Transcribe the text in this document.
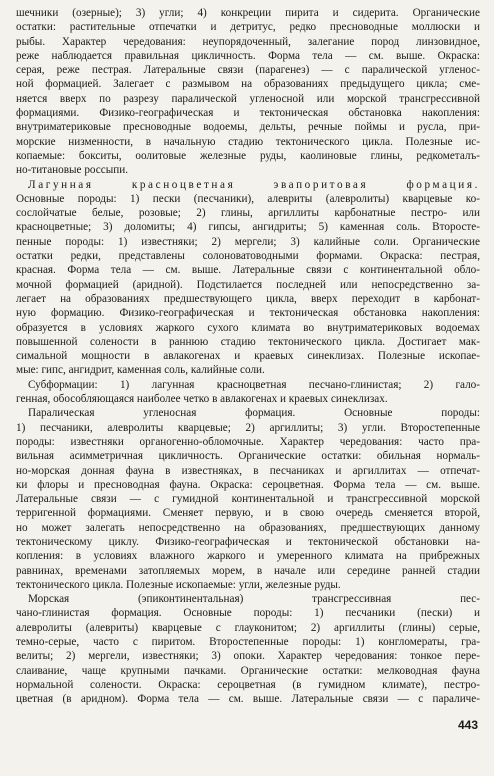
шечники (озерные); 3) угли; 4) конкреции пирита и сидерита. Органические
остатки: растительные отпечатки и детритус, редко пресноводные моллюски и
рыбы. Характер чередования: неупорядоченный, залегание пород линзовидное,
реже наблюдается правильная цикличность. Форма тела — см. выше. Окраска:
серая, реже пестрая. Латеральные связи (парагенез) — с паралической угленос-
ной формацией. Залегает с размывом на образованиях предыдущего цикла; сме-
няется вверх по разрезу паралической угленосной или морской трансгрессивной
формациями. Физико-географическая и тектоническая обстановка накопления:
внутриматериковые пресноводные водоемы, дельты, речные поймы и русла, при-
морские низменности, в начальную стадию тектонического цикла. Полезные ис-
копаемые: бокситы, оолитовые железные руды, каолиновые глины, редкометалъ-
но-титановые россыпи.
Лагунная красноцветная эвапоритовая формация.
Основные породы: 1) пески (песчаники), алевриты (алевролиты) кварцевые ко-
сослойчатые белые, розовые; 2) глины, аргиллиты карбонатные пестро- или
красноцветные; 3) доломиты; 4) гипсы, ангидриты; 5) каменная соль. Второсте-
пенные породы: 1) известняки; 2) мергели; 3) калийные соли. Органические
остатки редки, представлены солоноватоводными формами. Окраска: пестрая,
красная. Форма тела — см. выше. Латеральные связи с континентальной обло-
мочной формацией (аридной). Подстилается последней или непосредственно за-
легает на образованиях предшествующего цикла, вверх переходит в карбонат-
ную формацию. Физико-географическая и тектоническая обстановка накопления:
образуется в условиях жаркого сухого климата во внутриматериковых водоемах
повышенной солености в раннюю стадию тектонического цикла. Достигает мак-
симальной мощности в авлакогенах и краевых синеклизах. Полезные ископае-
мые: гипс, ангидрит, каменная соль, калийные соли.
Субформации: 1) лагунная красноцветная песчано-глинистая; 2) гало-
генная, обособляющаяся наиболее четко в авлакогенах и краевых синеклизах.
Паралическая угленосная формация. Основные породы:
1) песчаники, алевролиты кварцевые; 2) аргиллиты; 3) угли. Второстепенные
породы: известняки органогенно-обломочные. Характер чередования: часто пра-
вильная асимметричная цикличность. Органические остатки: обильная нормаль-
но-морская донная фауна в известняках, в песчаниках и аргиллитах — отпечат-
ки флоры и пресноводная фауна. Окраска: сероцветная. Форма тела — см. выше.
Латеральные связи — с гумидной континентальной и трансгрессивной морской
терригенной формациями. Сменяет первую, и в свою очередь сменяется второй,
но может залегать непосредственно на образованиях, предшествующих данному
тектоническому циклу. Физико-географическая и тектонической обстановки на-
копления: в условиях влажного жаркого и умеренного климата на прибрежных
равнинах, временами затопляемых морем, в начале или середине ранней стадии
тектонического цикла. Полезные ископаемые: угли, железные руды.
Морская (эпиконтинентальная) трансгрессивная пес-
чано-глинистая формация. Основные породы: 1) песчаники (пески) и
алевролиты (алевриты) кварцевые с глауконитом; 2) аргиллиты (глины) серые,
темно-серые, часто с пиритом. Второстепенные породы: 1) конгломераты, гра-
велиты; 2) мергели, известняки; 3) опоки. Характер чередования: тонкое пере-
слаивание, чаще крупными пачками. Органические остатки: мелководная фауна
нормальной солености. Окраска: сероцветная (в гумидном климате), пестро-
цветная (в аридном). Форма тела — см. выше. Латеральные связи — с параличе-
443
